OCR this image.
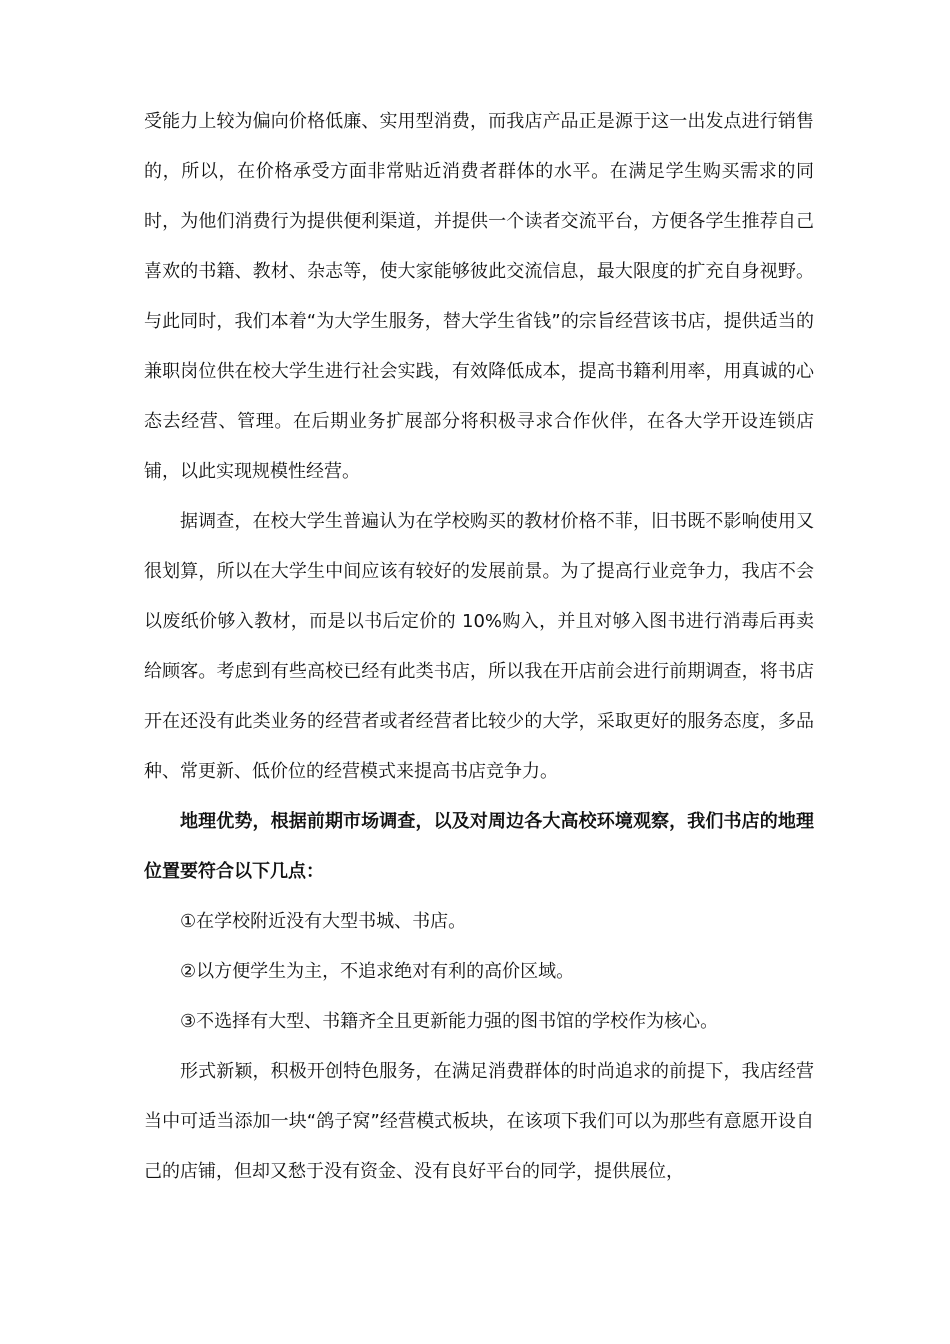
受能力上较为偏向价格低廉、实用型消费，而我店产品正是源于这一出发点进行销售的，所以，在价格承受方面非常贴近消费者群体的水平。在满足学生购买需求的同时，为他们消费行为提供便利渠道，并提供一个读者交流平台，方便各学生推荐自己喜欢的书籍、教材、杂志等，使大家能够彼此交流信息，最大限度的扩充自身视野。与此同时，我们本着“为大学生服务，替大学生省钱”的宗旨经营该书店，提供适当的兼职岗位供在校大学生进行社会实践，有效降低成本，提高书籍利用率，用真诚的心态去经营、管理。在后期业务扩展部分将积极寻求合作伙伴，在各大学开设连锁店铺，以此实现规模性经营。

据调查，在校大学生普遍认为在学校购买的教材价格不菲，旧书既不影响使用又很划算，所以在大学生中间应该有较好的发展前景。为了提高行业竞争力，我店不会以废纸价够入教材，而是以书后定价的 10%购入，并且对够入图书进行消毒后再卖给顾客。考虑到有些高校已经有此类书店，所以我在开店前会进行前期调查，将书店开在还没有此类业务的经营者或者经营者比较少的大学，采取更好的服务态度，多品种、常更新、低价位的经营模式来提高书店竞争力。

地理优势，根据前期市场调查，以及对周边各大高校环境观察，我们书店的地理位置要符合以下几点：

①在学校附近没有大型书城、书店。

②以方便学生为主，不追求绝对有利的高价区域。

③不选择有大型、书籍齐全且更新能力强的图书馆的学校作为核心。

形式新颖，积极开创特色服务，在满足消费群体的时尚追求的前提下，我店经营当中可适当添加一块“鸽子窝”经营模式板块，在该项下我们可以为那些有意愿开设自己的店铺，但却又愁于没有资金、没有良好平台的同学，提供展位，
